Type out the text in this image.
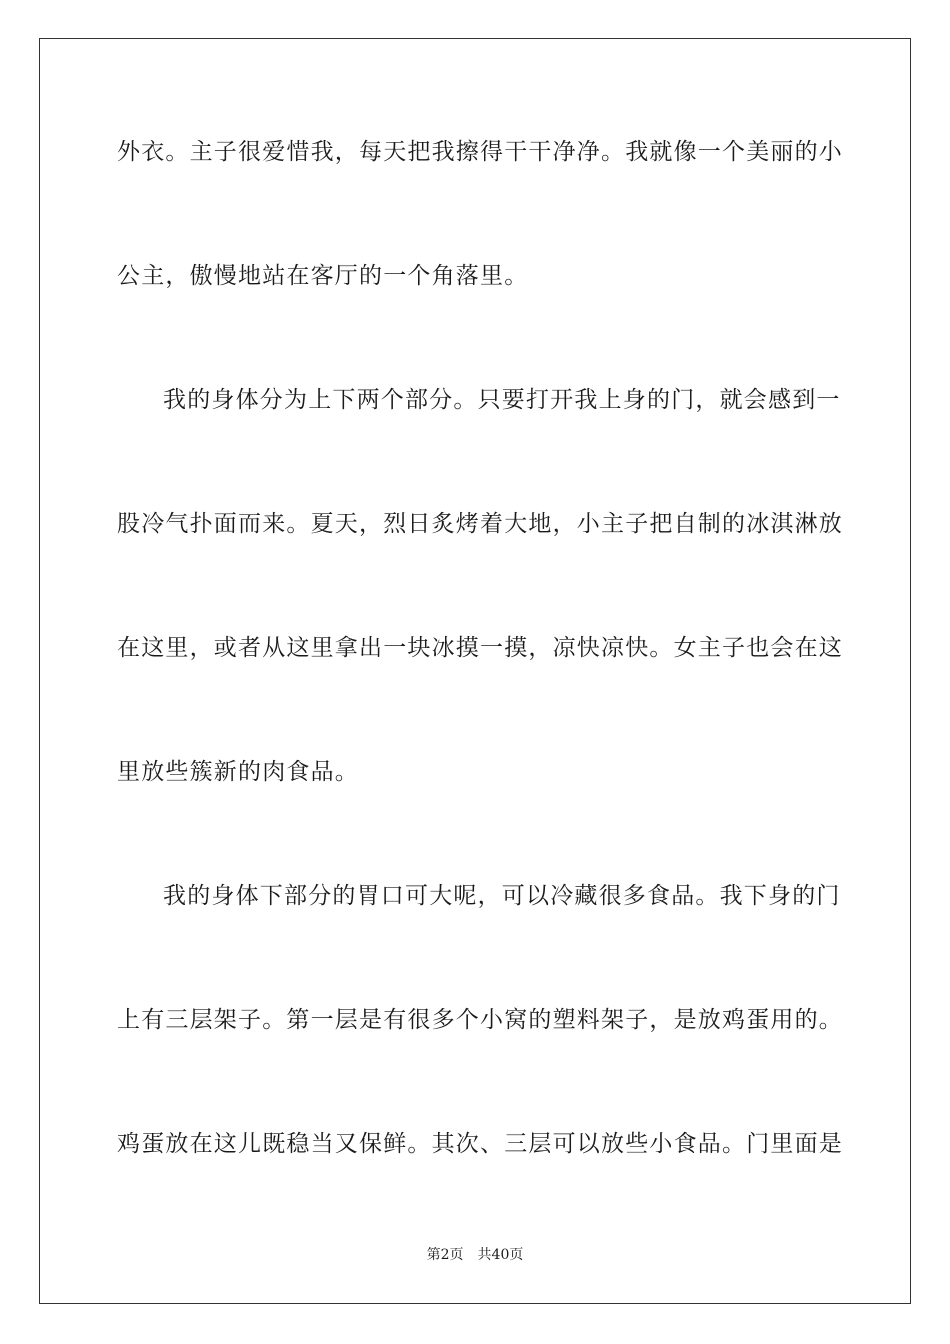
外衣。主子很爱惜我，每天把我擦得干干净净。我就像一个美丽的小
公主，傲慢地站在客厅的一个角落里。
我的身体分为上下两个部分。只要打开我上身的门，就会感到一
股冷气扑面而来。夏天，烈日炙烤着大地，小主子把自制的冰淇淋放
在这里，或者从这里拿出一块冰摸一摸，凉快凉快。女主子也会在这
里放些簇新的肉食品。
我的身体下部分的胃口可大呢，可以冷藏很多食品。我下身的门
上有三层架子。第一层是有很多个小窝的塑料架子，是放鸡蛋用的。
鸡蛋放在这儿既稳当又保鲜。其次、三层可以放些小食品。门里面是
第2页 共40页
